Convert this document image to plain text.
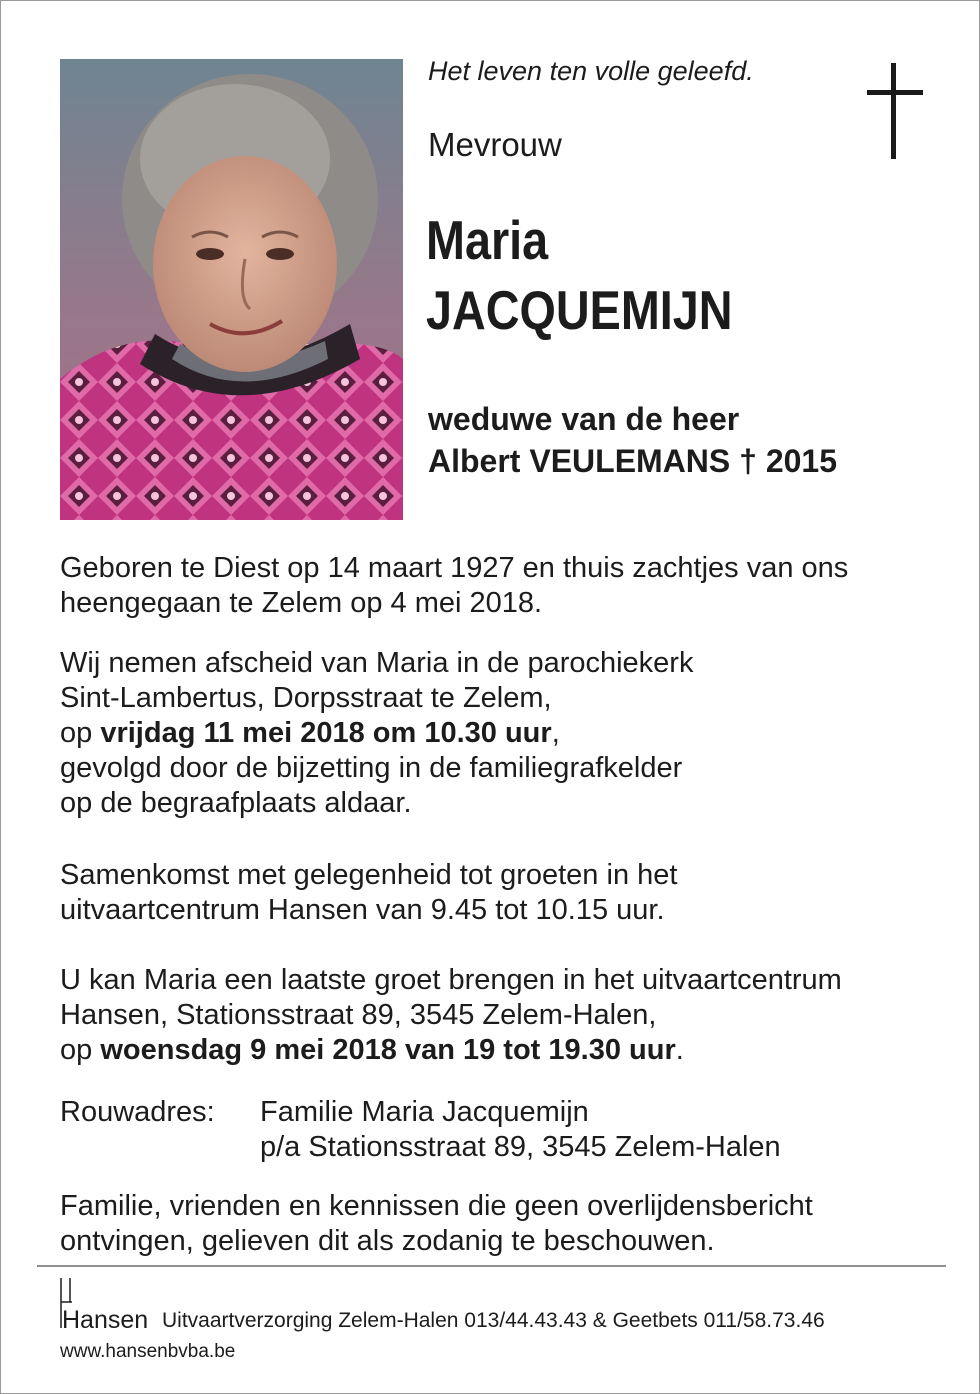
Het leven ten volle geleefd.
Mevrouw
Maria
JACQUEMIJN
weduwe van de heer
Albert VEULEMANS † 2015
Geboren te Diest op 14 maart 1927 en thuis zachtjes van ons
heengegaan te Zelem op 4 mei 2018.
Wij nemen afscheid van Maria in de parochiekerk
Sint-Lambertus, Dorpsstraat te Zelem,
op vrijdag 11 mei 2018 om 10.30 uur,
gevolgd door de bijzetting in de familiegrafkelder
op de begraafplaats aldaar.
Samenkomst met gelegenheid tot groeten in het
uitvaartcentrum Hansen van 9.45 tot 10.15 uur.
U kan Maria een laatste groet brengen in het uitvaartcentrum
Hansen, Stationsstraat 89, 3545 Zelem-Halen,
op woensdag 9 mei 2018 van 19 tot 19.30 uur.
Rouwadres: Familie Maria Jacquemijn
p/a Stationsstraat 89, 3545 Zelem-Halen
Familie, vrienden en kennissen die geen overlijdensbericht
ontvingen, gelieven dit als zodanig te beschouwen.
Hansen Uitvaartverzorging Zelem-Halen 013/44.43.43 & Geetbets 011/58.73.46
www.hansenbvba.be
